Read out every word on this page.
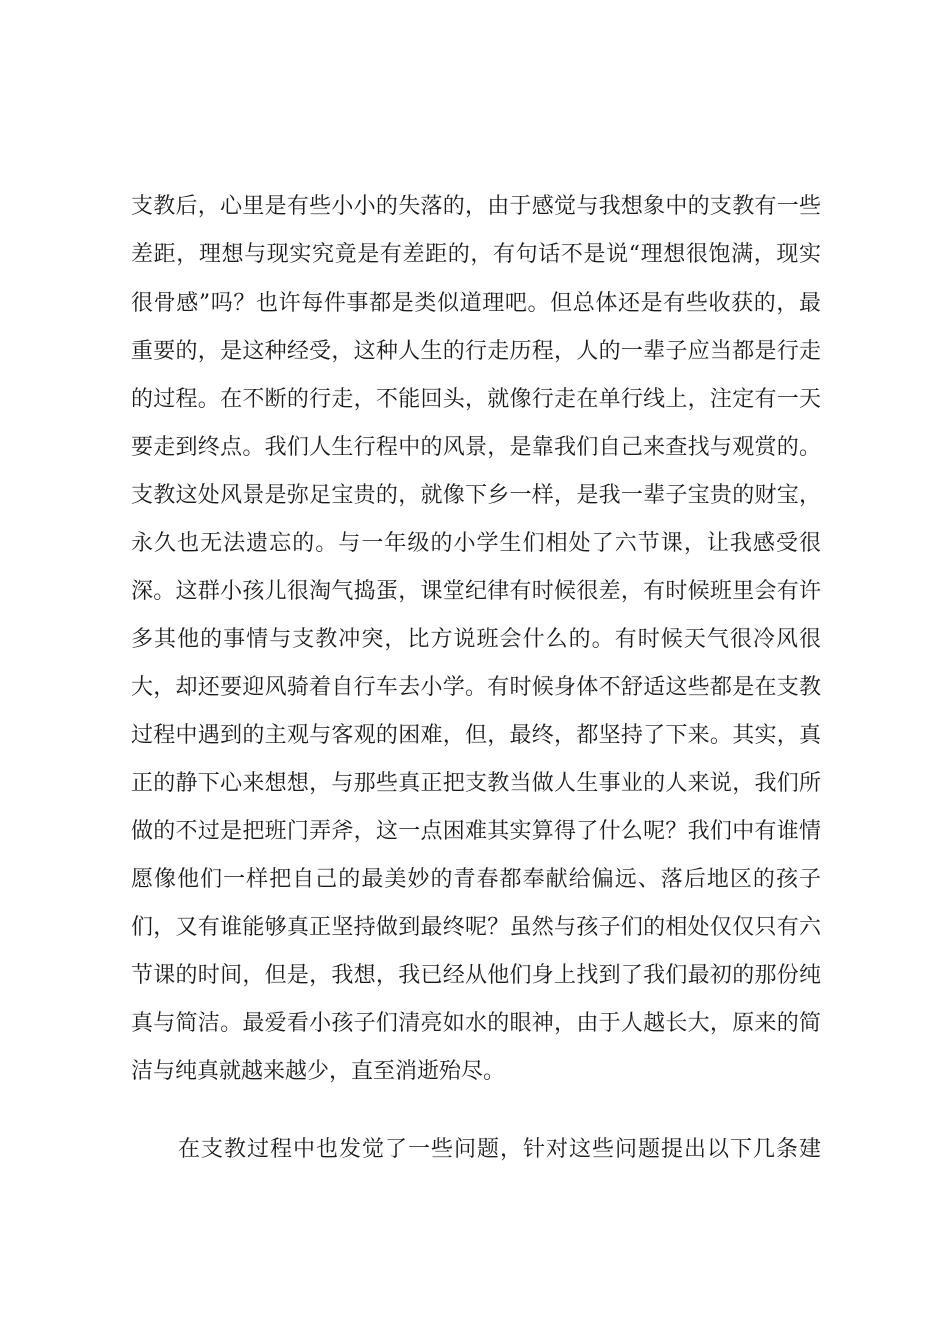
支教后，心里是有些小小的失落的，由于感觉与我想象中的支教有一些
差距，理想与现实究竟是有差距的，有句话不是说“理想很饱满，现实
很骨感”吗？也许每件事都是类似道理吧。但总体还是有些收获的，最
重要的，是这种经受，这种人生的行走历程，人的一辈子应当都是行走
的过程。在不断的行走，不能回头，就像行走在单行线上，注定有一天
要走到终点。我们人生行程中的风景，是靠我们自己来查找与观赏的。
支教这处风景是弥足宝贵的，就像下乡一样，是我一辈子宝贵的财宝，
永久也无法遗忘的。与一年级的小学生们相处了六节课，让我感受很
深。这群小孩儿很淘气捣蛋，课堂纪律有时候很差，有时候班里会有许
多其他的事情与支教冲突，比方说班会什么的。有时候天气很冷风很
大，却还要迎风骑着自行车去小学。有时候身体不舒适这些都是在支教
过程中遇到的主观与客观的困难，但，最终，都坚持了下来。其实，真
正的静下心来想想，与那些真正把支教当做人生事业的人来说，我们所
做的不过是把班门弄斧，这一点困难其实算得了什么呢？我们中有谁情
愿像他们一样把自己的最美妙的青春都奉献给偏远、落后地区的孩子
们，又有谁能够真正坚持做到最终呢？虽然与孩子们的相处仅仅只有六
节课的时间，但是，我想，我已经从他们身上找到了我们最初的那份纯
真与简洁。最爱看小孩子们清亮如水的眼神，由于人越长大，原来的简
洁与纯真就越来越少，直至消逝殆尽。
在支教过程中也发觉了一些问题，针对这些问题提出以下几条建
